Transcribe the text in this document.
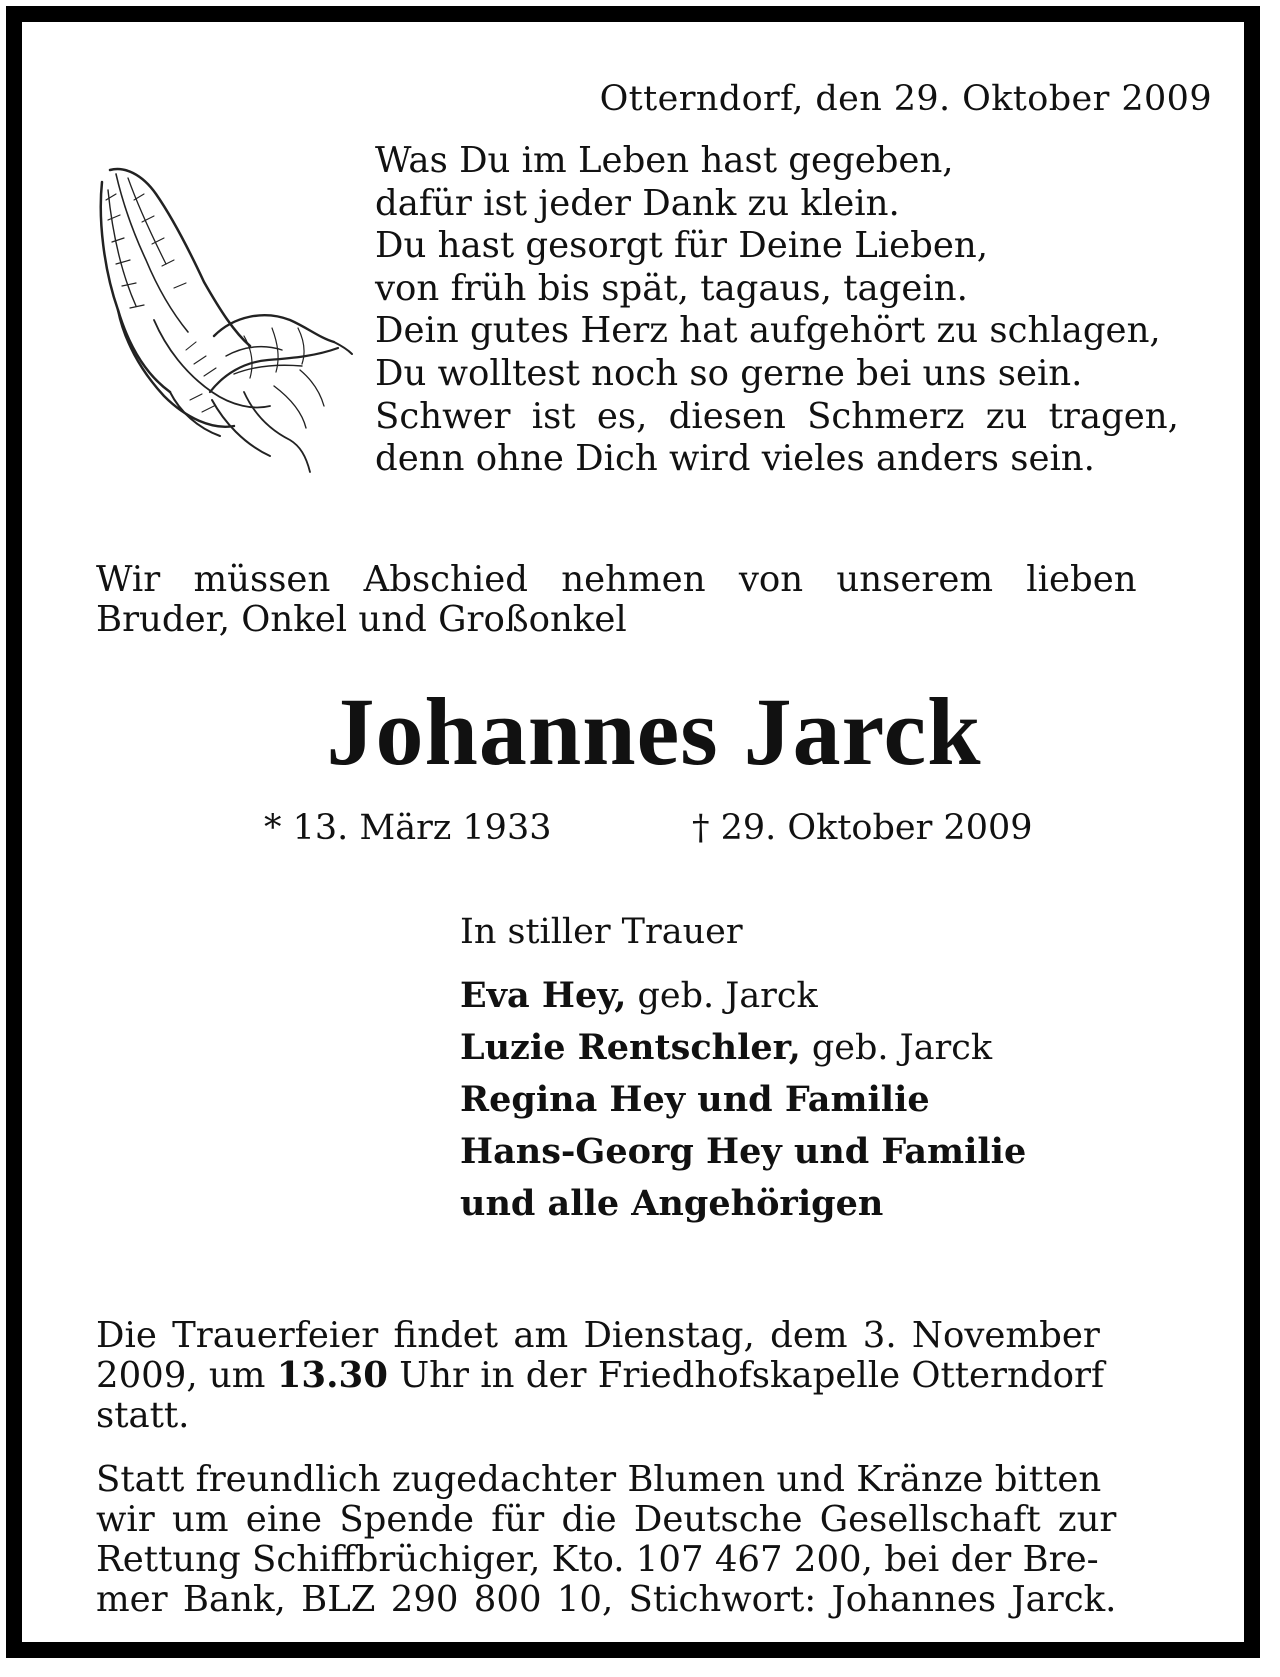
Otterndorf, den 29. Oktober 2009
Was Du im Leben hast gegeben,
dafür ist jeder Dank zu klein.
Du hast gesorgt für Deine Lieben,
von früh bis spät, tagaus, tagein.
Dein gutes Herz hat aufgehört zu schlagen,
Du wolltest noch so gerne bei uns sein.
Schwer ist es, diesen Schmerz zu tragen,
denn ohne Dich wird vieles anders sein.
Wir müssen Abschied nehmen von unserem lieben
Bruder, Onkel und Großonkel
Johannes Jarck
* 13. März 1933	† 29. Oktober 2009
In stiller Trauer
Eva Hey, geb. Jarck
Luzie Rentschler, geb. Jarck
Regina Hey und Familie
Hans-Georg Hey und Familie
und alle Angehörigen
Die Trauerfeier findet am Dienstag, dem 3. November
2009, um 13.30 Uhr in der Friedhofskapelle Otterndorf
statt.
Statt freundlich zugedachter Blumen und Kränze bitten
wir um eine Spende für die Deutsche Gesellschaft zur
Rettung Schiffbrüchiger, Kto. 107 467 200, bei der Bre-
mer Bank, BLZ 290 800 10, Stichwort: Johannes Jarck.
